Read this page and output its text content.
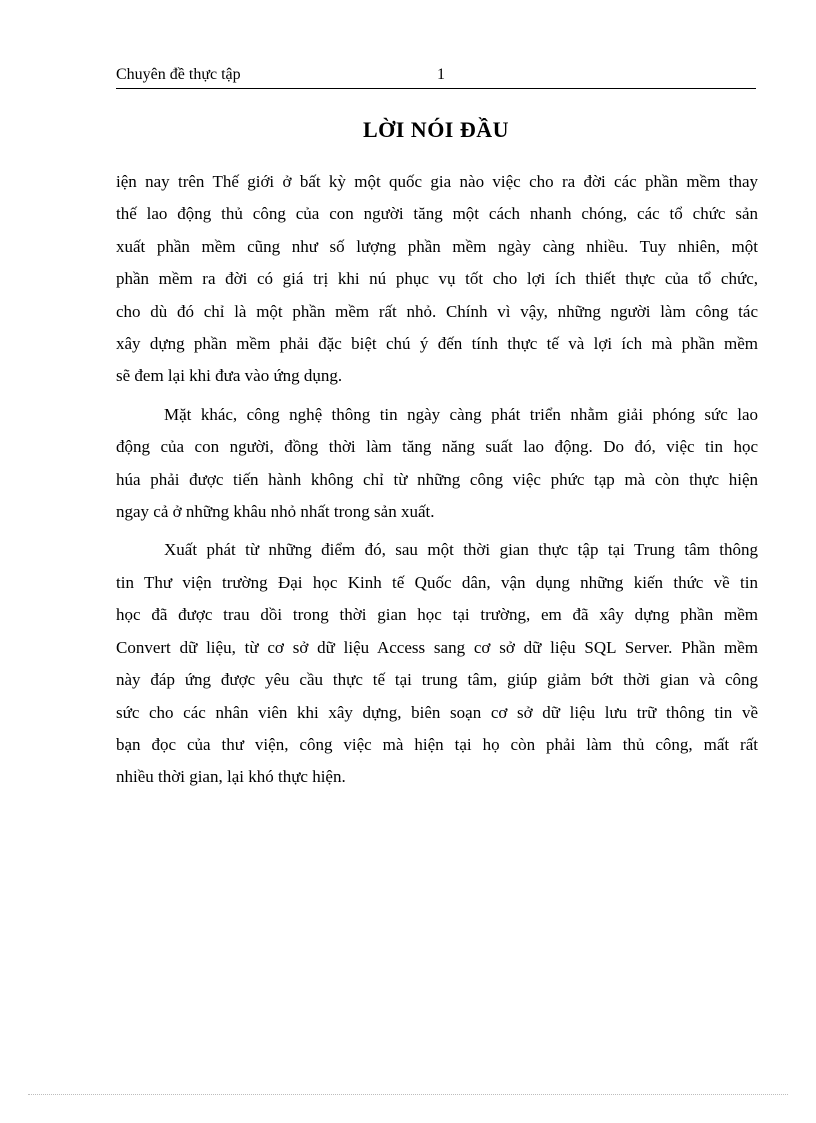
Chuyên đề thực tập	1
LỜI NÓI ĐẦU

iện nay trên Thế giới ở bất kỳ một quốc gia nào việc cho ra đời các phần mềm thay
thế lao động thủ công của con người tăng một cách nhanh chóng, các tổ chức sản
xuất phần mềm cũng như số lượng phần mềm ngày càng nhiều. Tuy nhiên, một
phần mềm ra đời có giá trị khi nú phục vụ tốt cho lợi ích thiết thực của tổ chức,
cho dù đó chỉ là một phần mềm rất nhỏ. Chính vì vậy, những người làm công tác
xây dựng phần mềm phải đặc biệt chú ý đến tính thực tế và lợi ích mà phần mềm
sẽ đem lại khi đưa vào ứng dụng.

Mặt khác, công nghệ thông tin ngày càng phát triển nhằm giải phóng sức lao
động của con người, đồng thời làm tăng năng suất lao động. Do đó, việc tin học
húa phải được tiến hành không chỉ từ những công việc phức tạp mà còn thực hiện
ngay cả ở những khâu nhỏ nhất trong sản xuất.

Xuất phát từ những điểm đó, sau một thời gian thực tập tại Trung tâm thông
tin Thư viện trường Đại học Kinh tế Quốc dân, vận dụng những kiến thức về tin
học đã được trau dồi trong thời gian học tại trường, em đã xây dựng phần mềm
Convert dữ liệu, từ cơ sở dữ liệu Access sang cơ sở dữ liệu SQL Server. Phần mềm
này đáp ứng được yêu cầu thực tế tại trung tâm, giúp giảm bớt thời gian và công
sức cho các nhân viên khi xây dựng, biên soạn cơ sở dữ liệu lưu trữ thông tin về
bạn đọc của thư viện, công việc mà hiện tại họ còn phải làm thủ công, mất rất
nhiều thời gian, lại khó thực hiện.
